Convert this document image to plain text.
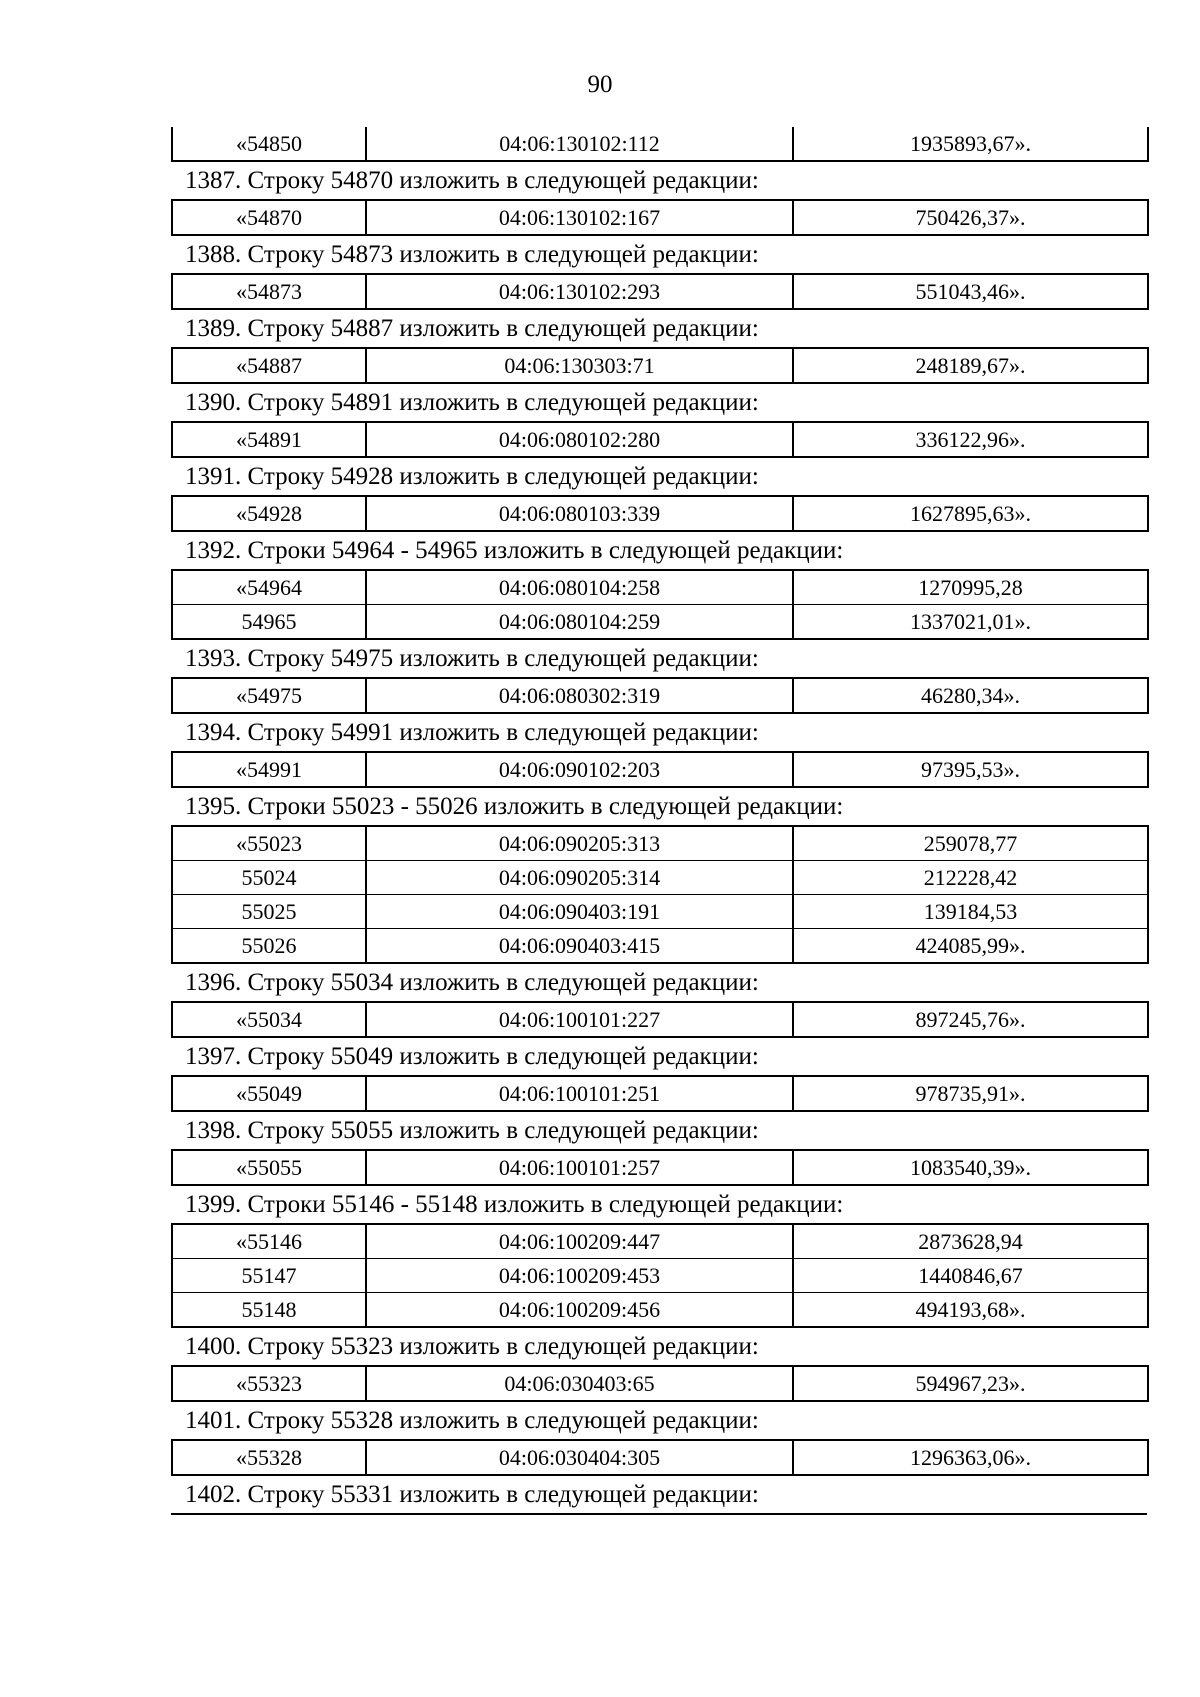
90
«54850	04:06:130102:112	1935893,67».
1387. Строку 54870 изложить в следующей редакции:
«54870	04:06:130102:167	750426,37».
1388. Строку 54873 изложить в следующей редакции:
«54873	04:06:130102:293	551043,46».
1389. Строку 54887 изложить в следующей редакции:
«54887	04:06:130303:71	248189,67».
1390. Строку 54891 изложить в следующей редакции:
«54891	04:06:080102:280	336122,96».
1391. Строку 54928 изложить в следующей редакции:
«54928	04:06:080103:339	1627895,63».
1392. Строки 54964 - 54965 изложить в следующей редакции:
«54964	04:06:080104:258	1270995,28
54965	04:06:080104:259	1337021,01».
1393. Строку 54975 изложить в следующей редакции:
«54975	04:06:080302:319	46280,34».
1394. Строку 54991 изложить в следующей редакции:
«54991	04:06:090102:203	97395,53».
1395. Строки 55023 - 55026 изложить в следующей редакции:
«55023	04:06:090205:313	259078,77
55024	04:06:090205:314	212228,42
55025	04:06:090403:191	139184,53
55026	04:06:090403:415	424085,99».
1396. Строку 55034 изложить в следующей редакции:
«55034	04:06:100101:227	897245,76».
1397. Строку 55049 изложить в следующей редакции:
«55049	04:06:100101:251	978735,91».
1398. Строку 55055 изложить в следующей редакции:
«55055	04:06:100101:257	1083540,39».
1399. Строки 55146 - 55148 изложить в следующей редакции:
«55146	04:06:100209:447	2873628,94
55147	04:06:100209:453	1440846,67
55148	04:06:100209:456	494193,68».
1400. Строку 55323 изложить в следующей редакции:
«55323	04:06:030403:65	594967,23».
1401. Строку 55328 изложить в следующей редакции:
«55328	04:06:030404:305	1296363,06».
1402. Строку 55331 изложить в следующей редакции:
